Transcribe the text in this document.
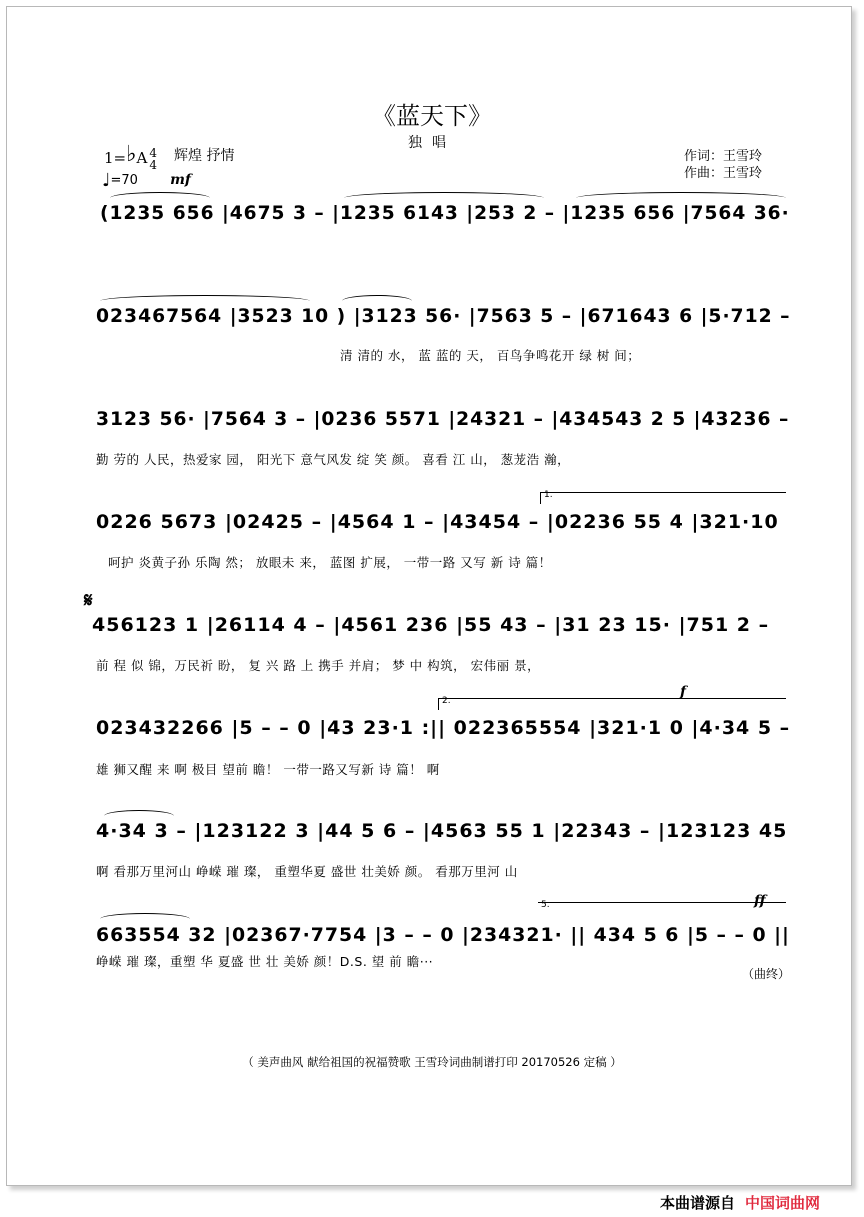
《蓝天下》
独唱
1=♭A 4
4
辉煌 抒情
♩=70 mf
作词：王雪玲
作曲：王雪玲
(1235 656 |4675 3 – |1235 6143 |253 2 – |1235 656 |7564 36·
023467564 |3523 10 ) |3123 56· |7563 5 – |671643 6 |5·712 –
清 清的 水， 蓝 蓝的 天， 百鸟争鸣花开 绿 树 间；
3123 56· |7564 3 – |0236 5571 |24321 – |434543 2 5 |43236 –
勤 劳的 人民，热爱家 园， 阳光下 意气风发 绽 笑 颜。 喜看 江 山， 葱茏浩 瀚，
1.
0226 5673 |02425 – |4564 1 – |43454 – |02236 55 4 |321·10
呵护 炎黄子孙 乐陶 然； 放眼未 来， 蓝图 扩展， 一带一路 又写 新 诗 篇！
𝄋
456123 1 |26114 4 – |4561 236 |55 43 – |31 23 15· |751 2 –
前 程 似 锦，万民祈 盼， 复 兴 路 上 携手 并肩； 梦 中 构筑， 宏伟丽 景，
2.
f
023432266 |5 – – 0 |43 23·1 :|| 022365554 |321·1 0 |4·34 5 –
雄 狮又醒 来 啊 极目 望前 瞻！ 一带一路又写新 诗 篇！ 啊
4·34 3 – |123122 3 |44 5 6 – |4563 55 1 |22343 – |123123 45
啊 看那万里河山 峥嵘 璀 璨， 重塑华夏 盛世 壮美娇 颜。 看那万里河 山
5.	ff
663554 32 |02367·7754 |3 – – 0 |234321· || 434 5 6 |5 – – 0 ||
峥嵘 璀 璨，重塑 华 夏盛 世 壮 美娇 颜！D.S. 望 前 瞻···
（曲终）
（ 美声曲风 献给祖国的祝福赞歌 王雪玲词曲制谱打印 20170526 定稿 ）
本曲谱源自 中国词曲网
